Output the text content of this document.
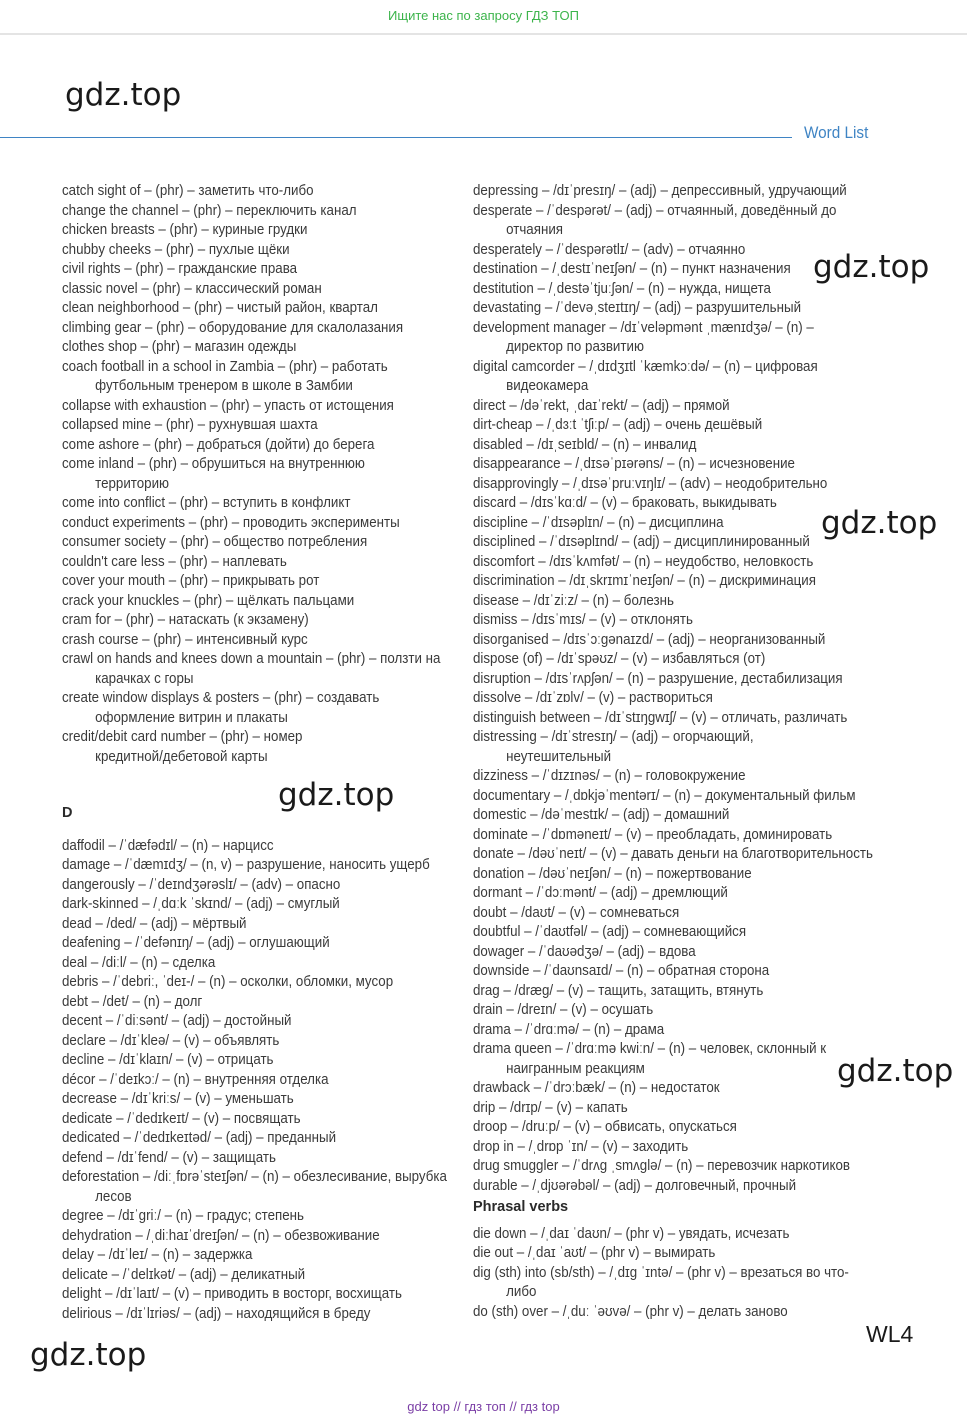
Ищите нас по запросу ГДЗ ТОП
gdz.top
gdz.top
gdz.top
gdz.top
gdz.top
gdz.top
Word List
catch sight of – (phr) – заметить что-либо
change the channel – (phr) – переключить канал
chicken breasts – (phr) – куриные грудки
chubby cheeks – (phr) – пухлые щёки
civil rights – (phr) – гражданские права
classic novel – (phr) – классический роман
clean neighborhood – (phr) – чистый район, квартал
climbing gear – (phr) – оборудование для скалолазания
clothes shop – (phr) – магазин одежды
coach football in a school in Zambia – (phr) – работать
футбольным тренером в школе в Замбии
collapse with exhaustion – (phr) – упасть от истощения
collapsed mine – (phr) – рухнувшая шахта
come ashore – (phr) – добраться (дойти) до берега
come inland – (phr) – обрушиться на внутреннюю
территорию
come into conflict – (phr) – вступить в конфликт
conduct experiments – (phr) – проводить эксперименты
consumer society – (phr) – общество потребления
couldn't care less – (phr) – наплевать
cover your mouth – (phr) – прикрывать рот
crack your knuckles – (phr) – щёлкать пальцами
cram for – (phr) – натаскать (к экзамену)
crash course – (phr) – интенсивный курс
crawl on hands and knees down a mountain – (phr) – ползти на
карачках с горы
create window displays & posters – (phr) – создавать
оформление витрин и плакаты
credit/debit card number – (phr) – номер
кредитной/дебетовой карты
D
daffodil – /ˈdæfədɪl/ – (n) – нарцисс
damage – /ˈdæmɪdʒ/ – (n, v) – разрушение, наносить ущерб
dangerously – /ˈdeɪndʒərəslɪ/ – (adv) – опасно
dark-skinned – /ˌdɑːk ˈskɪnd/ – (adj) – смуглый
dead – /ded/ – (adj) – мёртвый
deafening – /ˈdefənɪŋ/ – (adj) – оглушающий
deal – /diːl/ – (n) – сделка
debris – /ˈdebriː, ˈdeɪ-/ – (n) – осколки, обломки, мусор
debt – /det/ – (n) – долг
decent – /ˈdiːsənt/ – (adj) – достойный
declare – /dɪˈkleə/ – (v) – объявлять
decline – /dɪˈklaɪn/ – (v) – отрицать
décor – /ˈdeɪkɔː/ – (n) – внутренняя отделка
decrease – /dɪˈkriːs/ – (v) – уменьшать
dedicate – /ˈdedɪkeɪt/ – (v) – посвящать
dedicated – /ˈdedɪkeɪtəd/ – (adj) – преданный
defend – /dɪˈfend/ – (v) – защищать
deforestation – /diːˌfɒrəˈsteɪʃən/ – (n) – обезлесивание, вырубка
лесов
degree – /dɪˈɡriː/ – (n) – градус; степень
dehydration – /ˌdiːhaɪˈdreɪʃən/ – (n) – обезвоживание
delay – /dɪˈleɪ/ – (n) – задержка
delicate – /ˈdelɪkət/ – (adj) – деликатный
delight – /dɪˈlaɪt/ – (v) – приводить в восторг, восхищать
delirious – /dɪˈlɪriəs/ – (adj) – находящийся в бреду
depressing – /dɪˈpresɪŋ/ – (adj) – депрессивный, удручающий
desperate – /ˈdespərət/ – (adj) – отчаянный, доведённый до
отчаяния
desperately – /ˈdespərətlɪ/ – (adv) – отчаянно
destination – /ˌdestɪˈneɪʃən/ – (n) – пункт назначения
destitution – /ˌdestəˈtjuːʃən/ – (n) – нужда, нищета
devastating – /ˈdevəˌsteɪtɪŋ/ – (adj) – разрушительный
development manager – /dɪˈveləpmənt ˌmænɪdʒə/ – (n) –
директор по развитию
digital camcorder – /ˌdɪdʒɪtl ˈkæmkɔːdə/ – (n) – цифровая
видеокамера
direct – /dəˈrekt, ˌdaɪˈrekt/ – (adj) – прямой
dirt-cheap – /ˌdɜːt ˈtʃiːp/ – (adj) – очень дешёвый
disabled – /dɪˌseɪbld/ – (n) – инвалид
disappearance – /ˌdɪsəˈpɪərəns/ – (n) – исчезновение
disapprovingly – /ˌdɪsəˈpruːvɪŋlɪ/ – (adv) – неодобрительно
discard – /dɪsˈkɑːd/ – (v) – браковать, выкидывать
discipline – /ˈdɪsəplɪn/ – (n) – дисциплина
disciplined – /ˈdɪsəplɪnd/ – (adj) – дисциплинированный
discomfort – /dɪsˈkʌmfət/ – (n) – неудобство, неловкость
discrimination – /dɪˌskrɪmɪˈneɪʃən/ – (n) – дискриминация
disease – /dɪˈziːz/ – (n) – болезнь
dismiss – /dɪsˈmɪs/ – (v) – отклонять
disorganised – /dɪsˈɔːɡənaɪzd/ – (adj) – неорганизованный
dispose (of) – /dɪˈspəʊz/ – (v) – избавляться (от)
disruption – /dɪsˈrʌpʃən/ – (n) – разрушение, дестабилизация
dissolve – /dɪˈzɒlv/ – (v) – раствориться
distinguish between – /dɪˈstɪŋɡwɪʃ/ – (v) – отличать, различать
distressing – /dɪˈstresɪŋ/ – (adj) – огорчающий,
неутешительный
dizziness – /ˈdɪzɪnəs/ – (n) – головокружение
documentary – /ˌdɒkjəˈmentərɪ/ – (n) – документальный фильм
domestic – /dəˈmestɪk/ – (adj) – домашний
dominate – /ˈdɒməneɪt/ – (v) – преобладать, доминировать
donate – /dəʊˈneɪt/ – (v) – давать деньги на благотворительность
donation – /dəʊˈneɪʃən/ – (n) – пожертвование
dormant – /ˈdɔːmənt/ – (adj) – дремлющий
doubt – /daʊt/ – (v) – сомневаться
doubtful – /ˈdaʊtfəl/ – (adj) – сомневающийся
dowager – /ˈdaʊədʒə/ – (adj) – вдова
downside – /ˈdaʊnsaɪd/ – (n) – обратная сторона
drag – /dræɡ/ – (v) – тащить, затащить, втянуть
drain – /dreɪn/ – (v) – осушать
drama – /ˈdrɑːmə/ – (n) – драма
drama queen – /ˈdrɑːmə kwiːn/ – (n) – человек, склонный к
наигранным реакциям
drawback – /ˈdrɔːbæk/ – (n) – недостаток
drip – /drɪp/ – (v) – капать
droop – /druːp/ – (v) – обвисать, опускаться
drop in – /ˌdrɒp ˈɪn/ – (v) – заходить
drug smuggler – /ˈdrʌɡ ˌsmʌɡlə/ – (n) – перевозчик наркотиков
durable – /ˌdjʊərəbəl/ – (adj) – долговечный, прочный
Phrasal verbs
die down – /ˌdaɪ ˈdaʊn/ – (phr v) – увядать, исчезать
die out – /ˌdaɪ ˈaʊt/ – (phr v) – вымирать
dig (sth) into (sb/sth) – /ˌdɪɡ ˈɪntə/ – (phr v) – врезаться во что-
либо
do (sth) over – /ˌduː ˈəʊvə/ – (phr v) – делать заново
WL4
gdz top // гдз топ // гдз top
